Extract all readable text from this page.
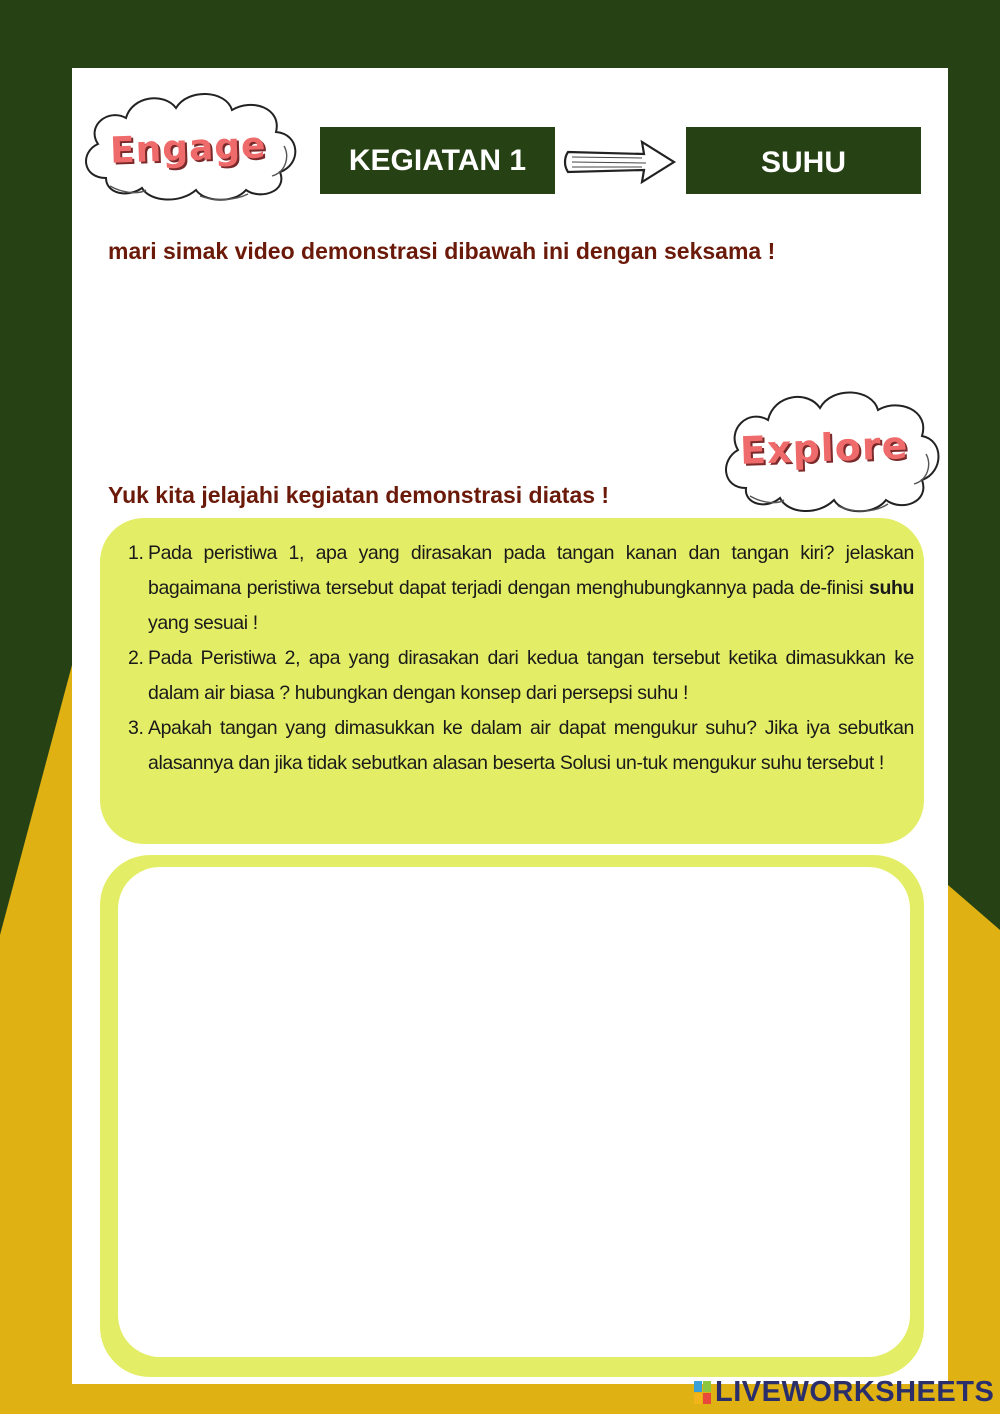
Engage
Explore
KEGIATAN 1	SUHU
mari simak video demonstrasi dibawah ini dengan seksama !
Yuk kita jelajahi kegiatan demonstrasi diatas !
1. Pada peristiwa 1, apa yang dirasakan pada tangan kanan dan tangan kiri? jelaskan bagaimana peristiwa tersebut dapat terjadi dengan menghubungkannya pada de-finisi suhu yang sesuai !
2. Pada Peristiwa 2, apa yang dirasakan dari kedua tangan tersebut ketika dimasukkan ke dalam air biasa ? hubungkan dengan konsep dari persepsi suhu !
3. Apakah tangan yang dimasukkan ke dalam air dapat mengukur suhu? Jika iya sebutkan alasannya dan jika tidak sebutkan alasan beserta Solusi un-tuk mengukur suhu tersebut !
LIVEWORKSHEETS
